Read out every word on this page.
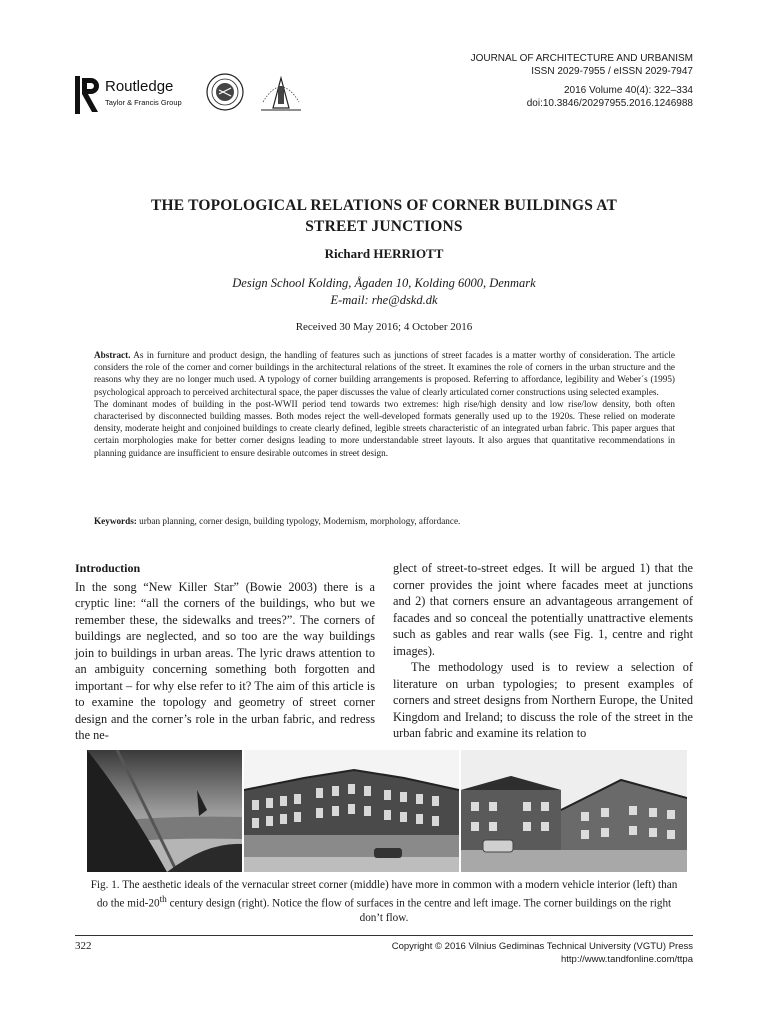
Routledge
Taylor & Francis Group
JOURNAL OF ARCHITECTURE AND URBANISM
ISSN 2029-7955 / eISSN 2029-7947
2016 Volume 40(4): 322–334
doi:10.3846/20297955.2016.1246988
THE TOPOLOGICAL RELATIONS OF CORNER BUILDINGS AT
STREET JUNCTIONS
Richard HERRIOTT
Design School Kolding, Ågaden 10, Kolding 6000, Denmark
E-mail: rhe@dskd.dk
Received 30 May 2016; 4 October 2016

Abstract. As in furniture and product design, the handling of features such as junctions of street facades is a matter worthy of consideration. The article considers the role of the corner and corner buildings in the architectural relations of the street. It examines the role of corners in the urban structure and the reasons why they are no longer much used. A typology of corner building arrangements is proposed. Referring to affordance, legibility and Weber´s (1995) psychological approach to perceived architectural space, the paper discusses the value of clearly articulated corner constructions using selected examples.

The dominant modes of building in the post-WWII period tend towards two extremes: high rise/high density and low rise/low density, both often characterised by disconnected building masses. Both modes reject the well-developed formats generally used up to the 1920s. These relied on moderate density, moderate height and conjoined buildings to create clearly defined, legible streets characteristic of an integrated urban fabric. This paper argues that certain morphologies make for better corner designs leading to more understandable street layouts. It also argues that quantitative recommendations in planning guidance are insufficient to ensure desirable outcomes in street design.

Keywords: urban planning, corner design, building typology, Modernism, morphology, affordance.
Introduction

In the song “New Killer Star” (Bowie 2003) there is a cryptic line: “all the corners of the buildings, who but we remember these, the sidewalks and trees?”. The corners of buildings are neglected, and so too are the way buildings join to buildings in urban areas. The lyric draws attention to an ambiguity concerning something both forgotten and important – for why else refer to it? The aim of this article is to examine the topology and geometry of street corner design and the corner’s role in the urban fabric, and redress the ne-

glect of street-to-street edges. It will be argued 1) that the corner provides the joint where facades meet at junctions and 2) that corners ensure an advantageous arrangement of facades and so conceal the potentially unattractive elements such as gables and rear walls (see Fig. 1, centre and right images).

The methodology used is to review a selection of literature on urban typologies; to present examples of corners and street designs from Northern Europe, the United Kingdom and Ireland; to discuss the role of the street in the urban fabric and examine its relation to

Fig. 1. The aesthetic ideals of the vernacular street corner (middle) have more in common with a modern vehicle interior (left) than do the mid-20th century design (right). Notice the flow of surfaces in the centre and left image. The corner buildings on the right don’t flow.
322	Copyright © 2016 Vilnius Gediminas Technical University (VGTU) Press
http://www.tandfonline.com/ttpa
